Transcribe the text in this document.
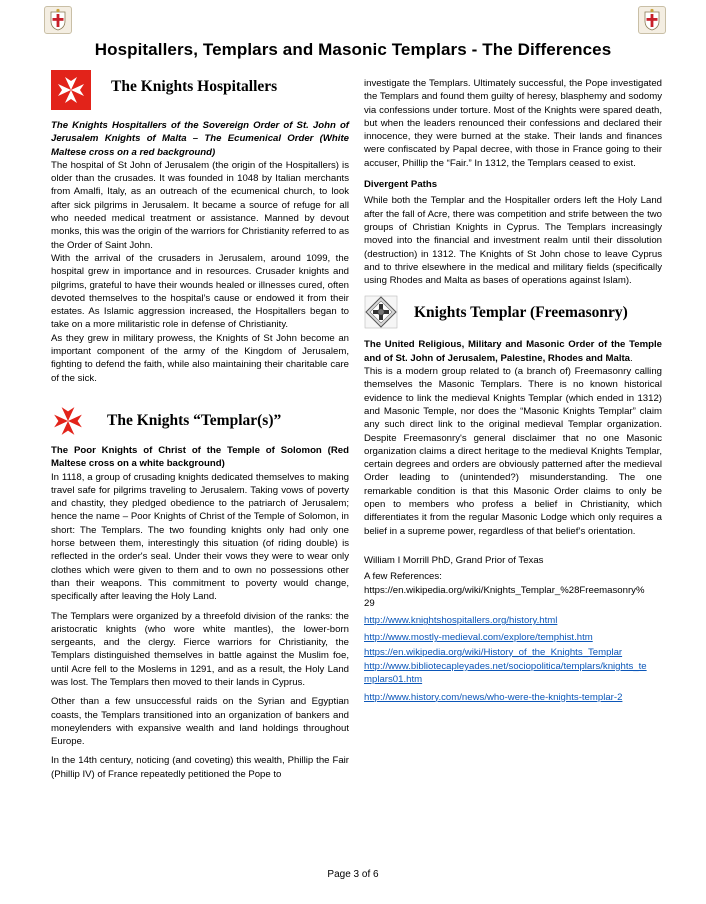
Hospitallers, Templars and Masonic Templars - The Differences
The Knights Hospitallers

The Knights Hospitallers of the Sovereign Order of St. John of Jerusalem Knights of Malta – The Ecumenical Order (White Maltese cross on a red background)

The hospital of St John of Jerusalem (the origin of the Hospitallers) is older than the crusades. It was founded in 1048 by Italian merchants from Amalfi, Italy, as an outreach of the ecumenical church, to look after sick pilgrims in Jerusalem. It became a source of refuge for all who needed medical treatment or assistance. Manned by devout monks, this was the origin of the warriors for Christianity referred to as the Order of Saint John.

With the arrival of the crusaders in Jerusalem, around 1099, the hospital grew in importance and in resources. Crusader knights and pilgrims, grateful to have their wounds healed or illnesses cured, often devoted themselves to the hospital’s cause or endowed it from their estates. As Islamic aggression increased, the Hospitallers began to take on a more militaristic role in defense of Christianity.

As they grew in military prowess, the Knights of St John become an important component of the army of the Kingdom of Jerusalem, fighting to defend the faith, while also maintaining their charitable care of the sick.

The Knights “Templar(s)”

The Poor Knights of Christ of the Temple of Solomon (Red Maltese cross on a white background)

In 1118, a group of crusading knights dedicated themselves to making travel safe for pilgrims traveling to Jerusalem. Taking vows of poverty and chastity, they pledged obedience to the patriarch of Jerusalem; hence the name – Poor Knights of Christ of the Temple of Solomon, in short: The Templars. The two founding knights only had only one horse between them, interestingly this situation (of riding double) is reflected in the order's seal. Under their vows they were to wear only clothes which were given to them and to own no possessions other than their weapons. This commitment to poverty would change, specifically after leaving the Holy Land.

The Templars were organized by a threefold division of the ranks: the aristocratic knights (who wore white mantles), the lower-born sergeants, and the clergy. Fierce warriors for Christianity, the Templars distinguished themselves in battle against the Muslim foe, until Acre fell to the Moslems in 1291, and as a result, the Holy Land was lost. The Templars then moved to their lands in Cyprus.

Other than a few unsuccessful raids on the Syrian and Egyptian coasts, the Templars transitioned into an organization of bankers and moneylenders with expansive wealth and land holdings throughout Europe.

In the 14th century, noticing (and coveting) this wealth, Phillip the Fair (Phillip IV) of France repeatedly petitioned the Pope to

investigate the Templars. Ultimately successful, the Pope investigated the Templars and found them guilty of heresy, blasphemy and sodomy via confessions under torture. Most of the Knights were spared death, but when the leaders renounced their confessions and declared their innocence, they were burned at the stake. Their lands and finances were confiscated by Papal decree, with those in France going to their accuser, Phillip the “Fair.” In 1312, the Templars ceased to exist.

Divergent Paths

While both the Templar and the Hospitaller orders left the Holy Land after the fall of Acre, there was competition and strife between the two groups of Christian Knights in Cyprus. The Templars increasingly moved into the financial and investment realm until their dissolution (destruction) in 1312. The Knights of St John chose to leave Cyprus and to thrive elsewhere in the medical and military fields (specifically using Rhodes and Malta as bases of operations against Islam).

Knights Templar (Freemasonry)

The United Religious, Military and Masonic Order of the Temple and of St. John of Jerusalem, Palestine, Rhodes and Malta.

This is a modern group related to (a branch of) Freemasonry calling themselves the Masonic Templars. There is no known historical evidence to link the medieval Knights Templar (which ended in 1312) and Masonic Temple, nor does the “Masonic Knights Templar” claim any such direct link to the original medieval Templar organization. Despite Freemasonry's general disclaimer that no one Masonic organization claims a direct heritage to the medieval Knights Templar, certain degrees and orders are obviously patterned after the medieval Order leading to (unintended?) misunderstanding. The one remarkable condition is that this Masonic Order claims to only be open to members who profess a belief in Christianity, which differentiates it from the regular Masonic Lodge which only requires a belief in a supreme power, regardless of that belief’s orientation.

William I Morrill PhD, Grand Prior of Texas

A few References:

https://en.wikipedia.org/wiki/Knights_Templar_%28Freemasonry%29
http://www.knightshospitallers.org/history.html
http://www.mostly-medieval.com/explore/temphist.htm
https://en.wikipedia.org/wiki/History_of_the_Knights_Templar
http://www.bibliotecapleyades.net/sociopolitica/templars/knights_templars01.htm
http://www.history.com/news/who-were-the-knights-templar-2
Page 3 of 6
